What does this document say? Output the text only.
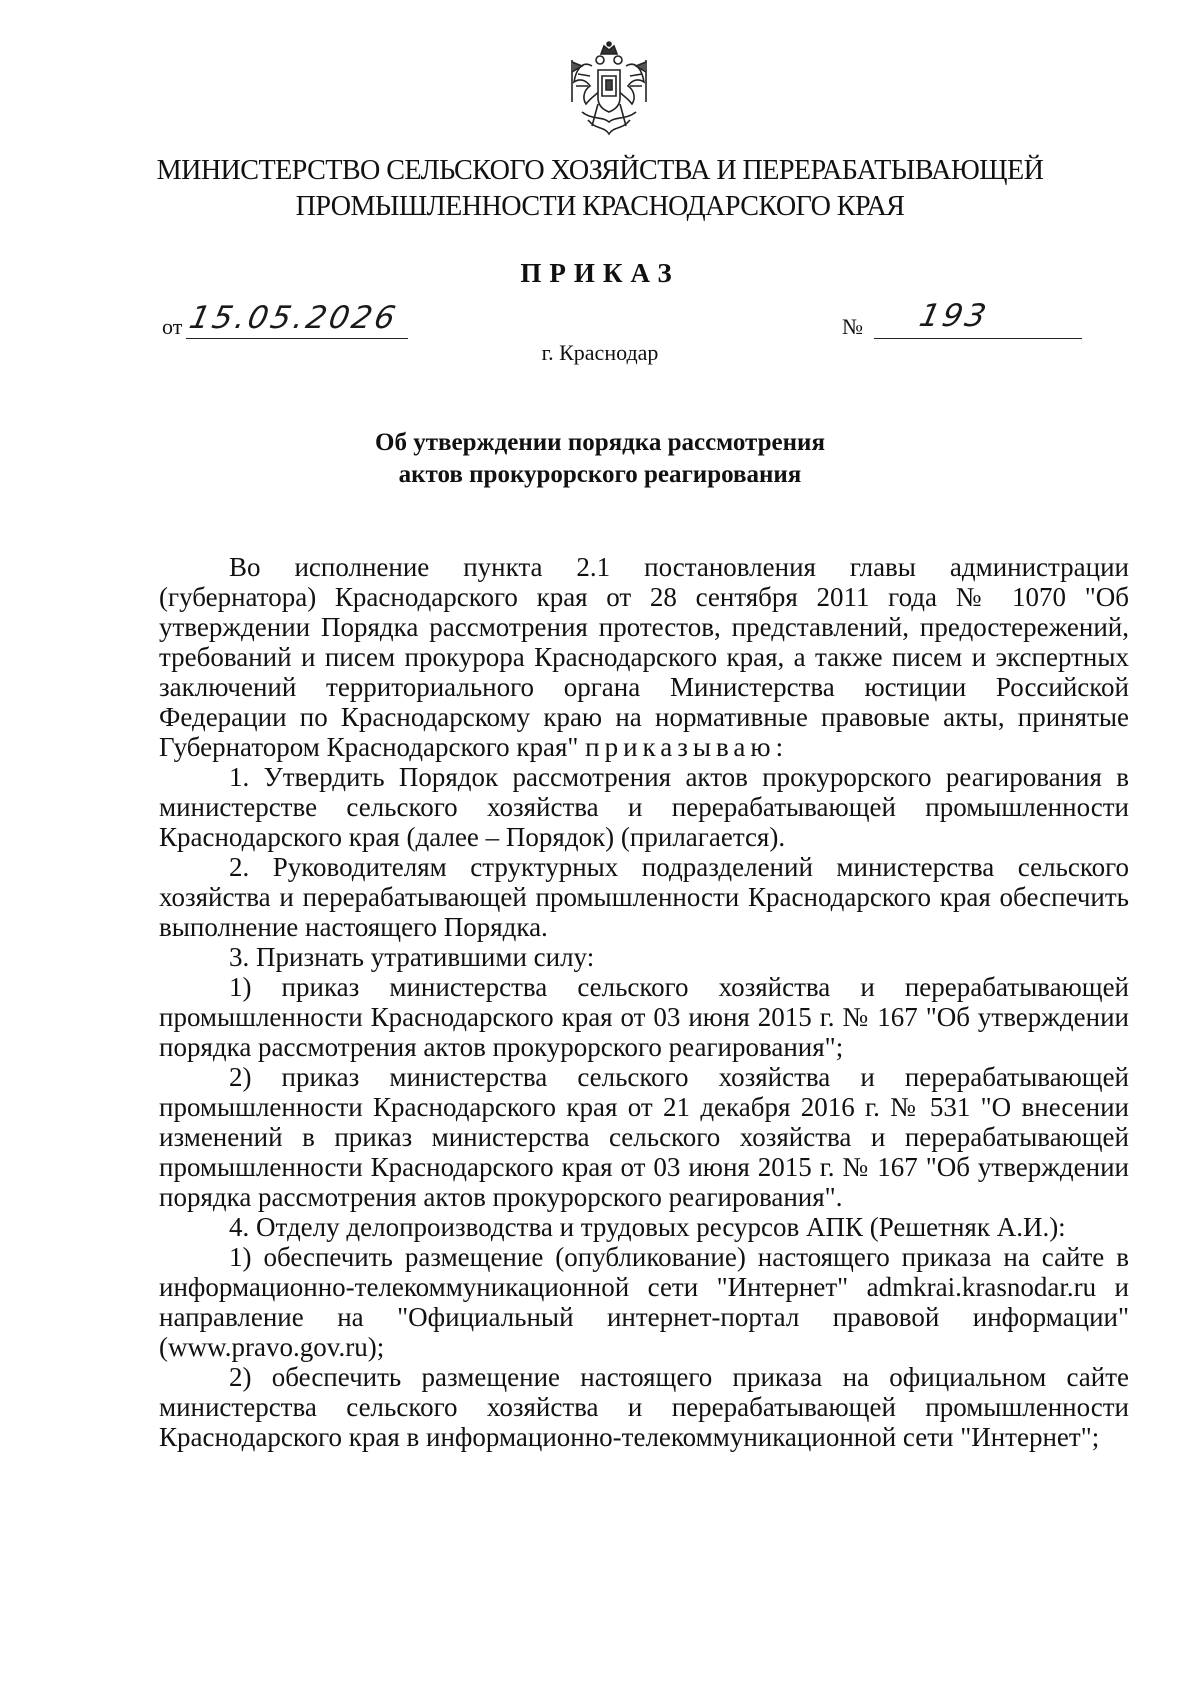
МИНИСТЕРСТВО СЕЛЬСКОГО ХОЗЯЙСТВА И ПЕРЕРАБАТЫВАЮЩЕЙ
ПРОМЫШЛЕННОСТИ КРАСНОДАРСКОГО КРАЯ
ПРИКАЗ
от 15.05.2026	№ 193
г. Краснодар
Об утверждении порядка рассмотрения
актов прокурорского реагирования

Во исполнение пункта 2.1 постановления главы администрации (губернатора) Краснодарского края от 28 сентября 2011 года № 1070 "Об утверждении Порядка рассмотрения протестов, представлений, предостережений, требований и писем прокурора Краснодарского края, а также писем и экспертных заключений территориального органа Министерства юстиции Российской Федерации по Краснодарскому краю на нормативные правовые акты, принятые Губернатором Краснодарского края" приказываю:

1. Утвердить Порядок рассмотрения актов прокурорского реагирования в министерстве сельского хозяйства и перерабатывающей промышленности Краснодарского края (далее – Порядок) (прилагается).

2. Руководителям структурных подразделений министерства сельского хозяйства и перерабатывающей промышленности Краснодарского края обеспечить выполнение настоящего Порядка.

3. Признать утратившими силу:

1) приказ министерства сельского хозяйства и перерабатывающей промышленности Краснодарского края от 03 июня 2015 г. № 167 "Об утверждении порядка рассмотрения актов прокурорского реагирования";

2) приказ министерства сельского хозяйства и перерабатывающей промышленности Краснодарского края от 21 декабря 2016 г. № 531 "О внесении изменений в приказ министерства сельского хозяйства и перерабатывающей промышленности Краснодарского края от 03 июня 2015 г. № 167 "Об утверждении порядка рассмотрения актов прокурорского реагирования".

4. Отделу делопроизводства и трудовых ресурсов АПК (Решетняк А.И.):

1) обеспечить размещение (опубликование) настоящего приказа на сайте в информационно-телекоммуникационной сети "Интернет" admkrai.krasnodar.ru и направление на "Официальный интернет-портал правовой информации" (www.pravo.gov.ru);

2) обеспечить размещение настоящего приказа на официальном сайте министерства сельского хозяйства и перерабатывающей промышленности Краснодарского края в информационно-телекоммуникационной сети "Интернет";
